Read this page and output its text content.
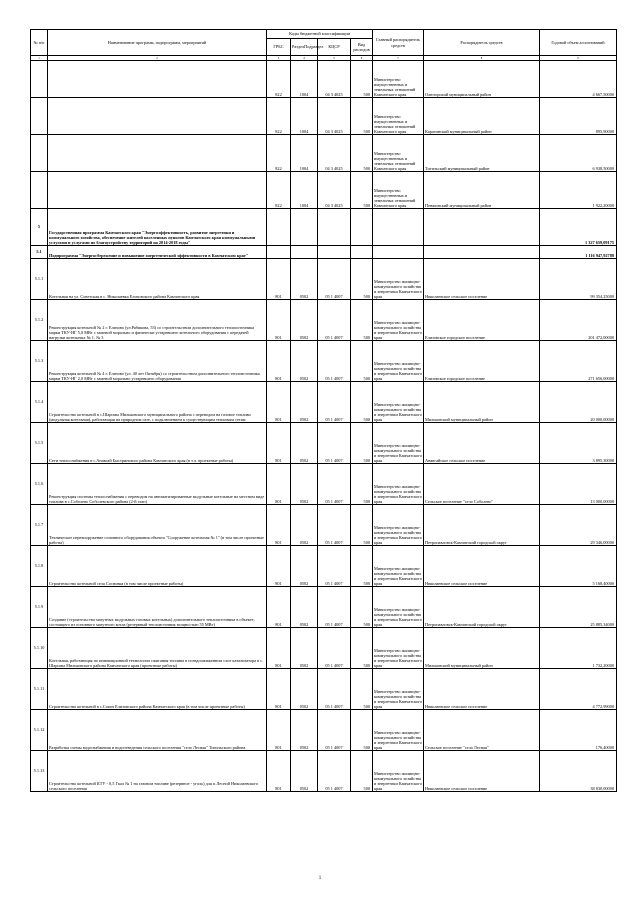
№ п/п	Наименование программ, подпрограмм, мероприятий	Коды бюджетной классификации				Главный распорядитель средств	Распорядитель средств	Годовой объем ассигнований
		ГРБС	РазделПодраздел	КЦСР	Вид расходов			
1	2	3	4	5	6	7	8	9
		822	1004	04 3 4025	500	Министерство имущественных и земельных отношений Камчатского края	Олюторский муниципальный район	4 667,50000
		822	1004	04 3 4025	500	Министерство имущественных и земельных отношений Камчатского края	Карагинский муниципальный район	895,90000
		822	1004	04 3 4025	500	Министерство имущественных и земельных отношений Камчатского края	Тигильский муниципальный район	6 938,50000
		822	1004	04 3 4025	500	Министерство имущественных и земельных отношений Камчатского края	Пенжинский муниципальный район	1 922,20000
5	Государственная программа Камчатского края "Энергоэффективность, развитие энергетики и коммунального хозяйства, обеспечение жителей населенных пунктов Камчатского края коммунальными услугами и услугами по благоустройству территорий на 2014-2018 годы"							1 327 659,09175
5.1	Подпрограмма "Энергосбережение и повышение энергетической эффективности в Камчатском крае"							1 116 947,92788
5.1.1	Котельная на ул. Советская в с. Николаевка Елизовского района Камчатского края	801	0502	05 1 4007	500	Министерство жилищно-коммунального хозяйства и энергетики Камчатского края	Николаевское сельское поселение	99 354,25000
5.1.2	Реконструкция котельной № 2 г. Елизово (ул.Рябикова, 53) со строительством дополнительного теплоисточника марки ТКУ-НГ 5,0 МВт с заменой морально и физически устаревшего котельного оборудования с передачей нагрузки котельных № 1, № 3	801	0502	05 1 4007	500	Министерство жилищно-коммунального хозяйства и энергетики Камчатского края	Елизовское городское поселение	201 472,00000
5.1.3	Реконструкция котельной № 4 г. Елизово (ул. 40 лет Октября) со строительством дополнительного теплоисточника марки ТКУ-НГ 2,0 МВт с заменой морально устаревшего оборудования	801	0502	05 1 4007	500	Министерство жилищно-коммунального хозяйства и энергетики Камчатского края	Елизовское городское поселение	271 656,00000
5.1.4	Строительство котельной в с.Шаромы Мильковского муниципального района с переводом на газовое топливо (модульная котельная), работающая на природном газе, с подключением к существующим тепловым сетям	801	0502	05 1 4007	500	Министерство жилищно-коммунального хозяйства и энергетики Камчатского края	Мильковский муниципальный район	20 000,00000
5.1.5	Сети теплоснабжения в с.Анавгай Быстринского района Камчатского края (в т.ч. проектные работы)	801	0502	05 1 4007	500	Министерство жилищно-коммунального хозяйства и энергетики Камчатского края	Анавгайское сельское поселение	3 895,30000
5.1.6	Реконструкция системы теплоснабжения с переводом на автоматизированные модульные котельные на местном виде топлива в с.Соболево Соболевского района (2-й этап)	801	0502	05 1 4007	500	Министерство жилищно-коммунального хозяйства и энергетики Камчатского края	Сельское поселение "село Соболево"	13 000,00000
5.1.7	Техническое перевооружение основного оборудования объекта "Сооружение котельная № 1" (в том числе проектные работы)	801	0502	05 1 4007	500	Министерство жилищно-коммунального хозяйства и энергетики Камчатского края	Петропавловск-Камчатский городской округ	29 346,00000
5.1.8	Строительство котельной села Сосновка (в том числе проектные работы)	801	0502	05 1 4007	500	Министерство жилищно-коммунального хозяйства и энергетики Камчатского края	Николаевское сельское поселение	5 168,40000
5.1.9	Создание (строительство мазутных модульных газовых котельных) дополнительного теплоисточника в объекте, состоящего из основного мазутного котла (резервный теплоисточник мощностью 55 МВт)	801	0502	05 1 4007	500	Министерство жилищно-коммунального хозяйства и энергетики Камчатского края	Петропавловск-Камчатский городской округ	25 885,34000
5.1.10	Котельная, работающая по инновационной технологии сжигания топлива в псевдоожиженном слое катализатора в с. Шаромы Мильковского района Камчатского края (проектные работы)	801	0502	05 1 4007	500	Министерство жилищно-коммунального хозяйства и энергетики Камчатского края	Мильковский муниципальный район	1 732,20000
5.1.11	Строительство котельной в с.Сокоч Елизовского района Камчатского края (в том числе проектные работы)	801	0502	05 1 4007	500	Министерство жилищно-коммунального хозяйства и энергетики Камчатского края	Николаевское сельское поселение	4 772,99000
5.1.12	Разработка схемы водоснабжения и водоотведения сельского поселения "село Лесная" Тигильского района	801	0502	05 1 4007	500	Министерство жилищно-коммунального хозяйства и энергетики Камчатского края	Сельское поселение "село Лесная"	176,40000
5.1.13	Строительство котельной КТУ - 0,5 Гкал № 1 на газовом топливе (резервное - уголь) для п.Лесной Николаевского сельского поселения	801	0502	05 1 4007	500	Министерство жилищно-коммунального хозяйства и энергетики Камчатского края	Николаевское сельское поселение	38 830,00000
1
